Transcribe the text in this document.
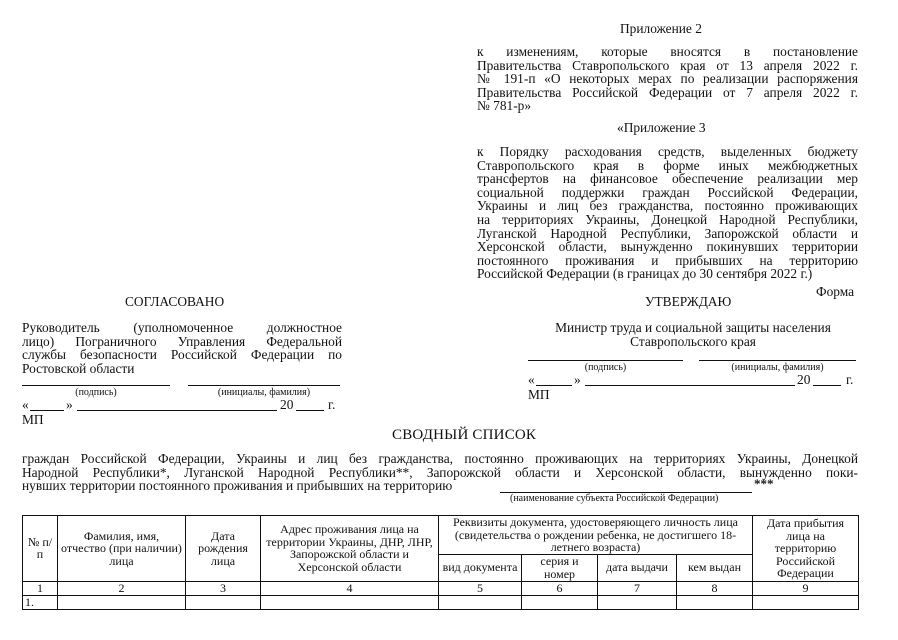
Приложение 2
к изменениям, которые вносятся в постановление
Правительства Ставропольского края от 13 апреля 2022 г.
№ 191-п «О некоторых мерах по реализации распоряжения
Правительства Российской Федерации от 7 апреля 2022 г.
№ 781-р»
«Приложение 3
к Порядку расходования средств, выделенных бюджету
Ставропольского края в форме иных межбюджетных
трансфертов на финансовое обеспечение реализации мер
социальной поддержки граждан Российской Федерации,
Украины и лиц без гражданства, постоянно проживающих
на территориях Украины, Донецкой Народной Республики,
Луганской Народной Республики, Запорожской области и
Херсонской области, вынужденно покинувших территории
постоянного проживания и прибывших на территорию
Российской Федерации (в границах до 30 сентября 2022 г.)
Форма
СОГЛАСОВАНО
Руководитель (уполномоченное должностное
лицо) Пограничного Управления Федеральной
службы безопасности Российской Федерации по
Ростовской области
(подпись)	(инициалы, фамилия)
«	»	20	г.
МП
УТВЕРЖДАЮ
Министр труда и социальной защиты населения
Ставропольского края
(подпись)	(инициалы, фамилия)
«	»	20	г.
МП
СВОДНЫЙ СПИСОК
граждан Российской Федерации, Украины и лиц без гражданства, постоянно проживающих на территориях Украины, Донецкой
Народной Республики*, Луганской Народной Республики**, Запорожской области и Херсонской области, вынужденно поки-
нувших территории постоянного проживания и прибывших на территорию	***
(наименование субъекта Российской Федерации)
№ п/п	Фамилия, имя, отчество (при наличии) лица	Дата рождения лица	Адрес проживания лица на территории Украины, ДНР, ЛНР, Запорожской области и Херсонской области	Реквизиты документа, удостоверяющего личность лица (свидетельства о рождении ребенка, не достигшего 18-летнего возраста)				Дата прибытия лица на территорию Российской Федерации
				вид документа	серия и номер	дата выдачи	кем выдан	
1	2	3	4	5	6	7	8	9
1.								
